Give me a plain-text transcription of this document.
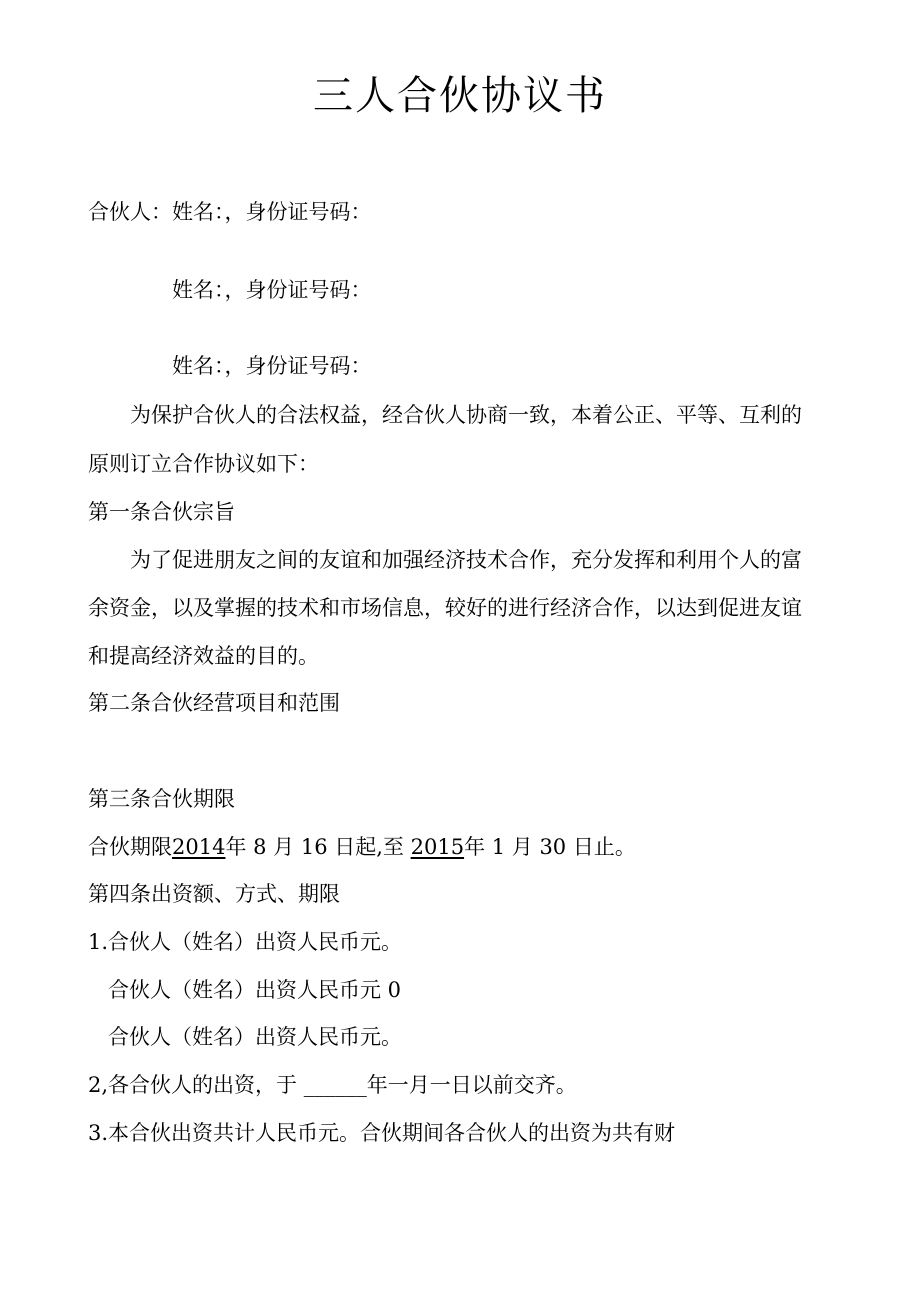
三人合伙协议书
合伙人：姓名：，身份证号码：
姓名：，身份证号码：
姓名：，身份证号码：
为保护合伙人的合法权益，经合伙人协商一致，本着公正、平等、互利的
原则订立合作协议如下：
第一条合伙宗旨
为了促进朋友之间的友谊和加强经济技术合作，充分发挥和利用个人的富
余资金，以及掌握的技术和市场信息，较好的进行经济合作，以达到促进友谊
和提高经济效益的目的。
第二条合伙经营项目和范围
第三条合伙期限
合伙期限2014年 8 月 16 日起,至 2015年 1 月 30 日止。
第四条出资额、方式、期限
1.合伙人（姓名）出资人民币元。
合伙人（姓名）出资人民币元 0
合伙人（姓名）出资人民币元。
2,各合伙人的出资，于 ______年一月一日以前交齐。
3.本合伙出资共计人民币元。合伙期间各合伙人的出资为共有财
